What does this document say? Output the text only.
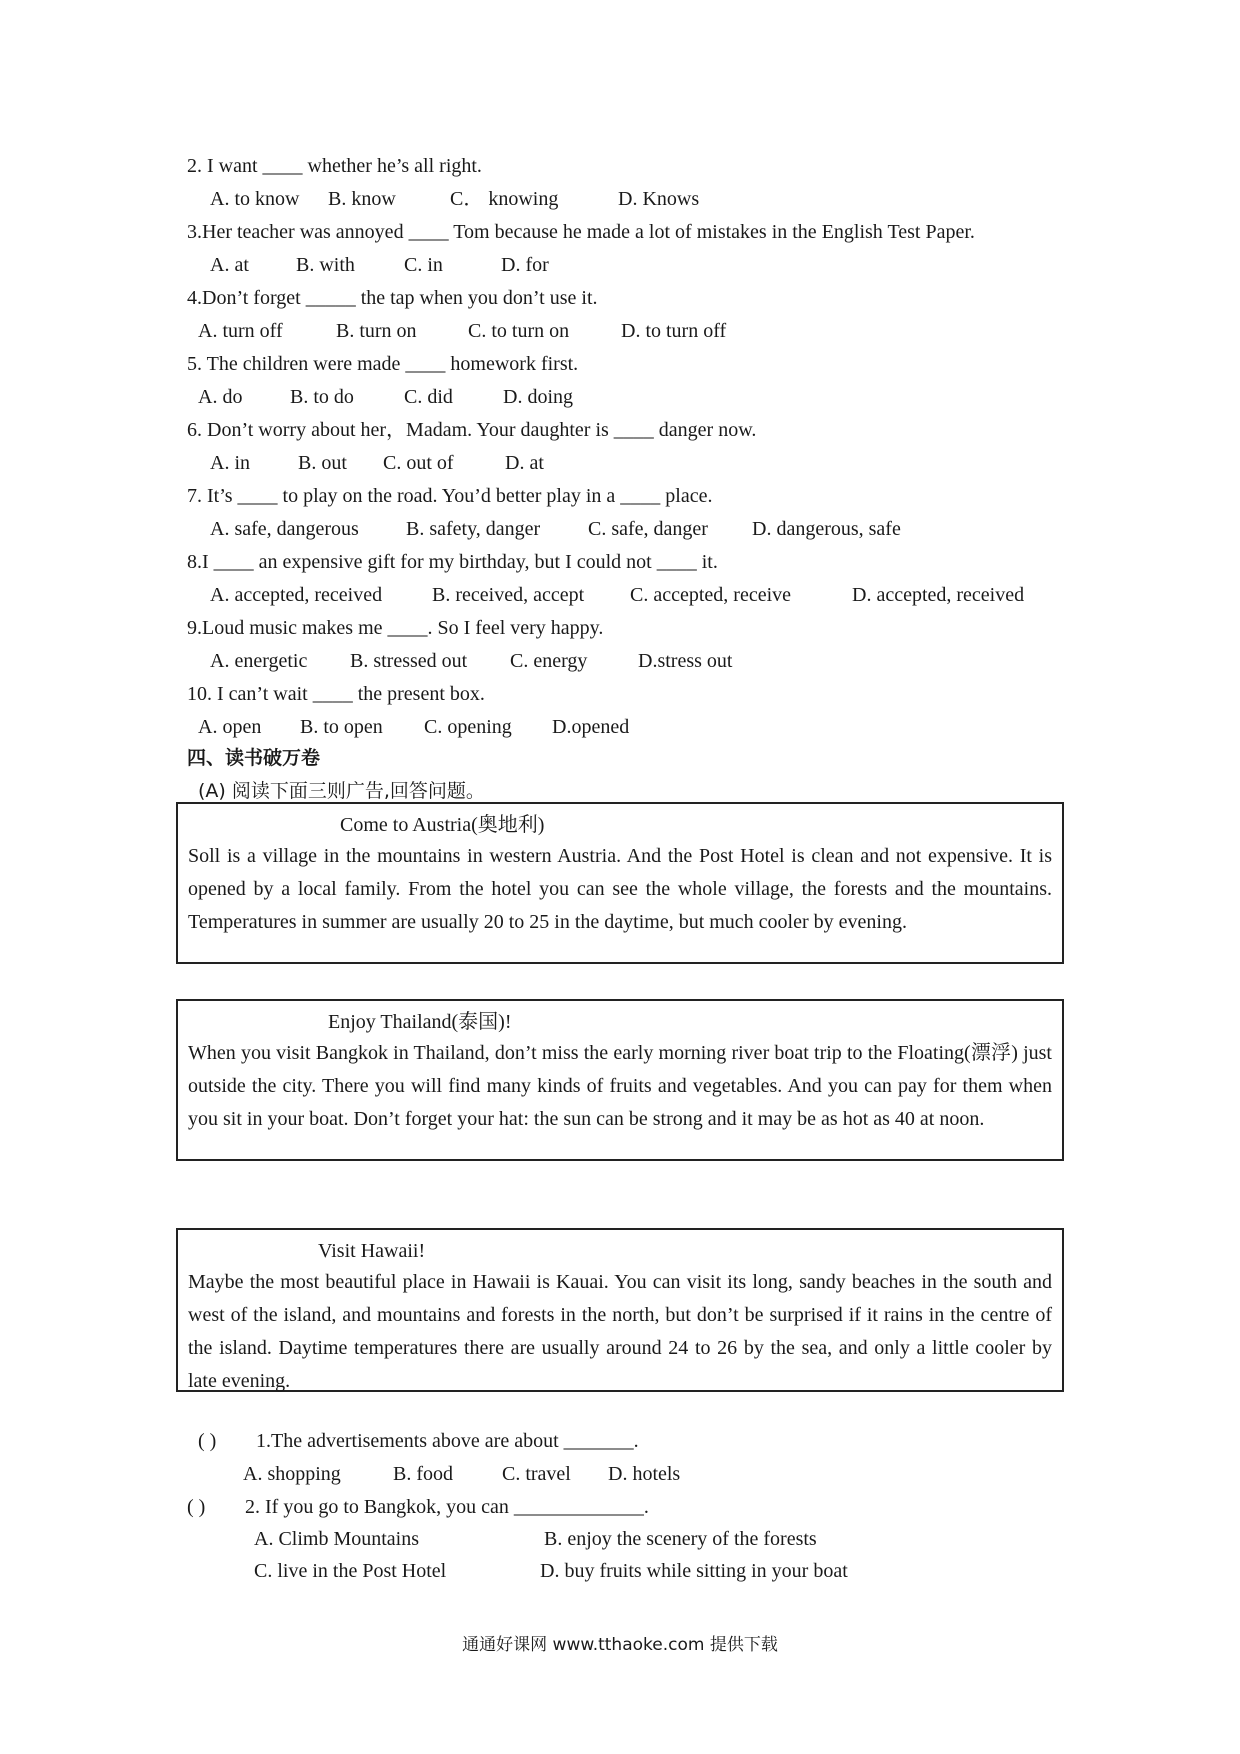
2. I want ____ whether he’s all right.
A. to know B. know	C． knowing	D. Knows
3.Her teacher was annoyed ____ Tom because he made a lot of mistakes in the English Test Paper.
A. at B. with C. in	D. for
4.Don’t forget _____ the tap when you don’t use it.
A. turn off	B. turn on	C. to turn on	D. to turn off
5. The children were made ____ homework first.
A. do B. to do	C. did	D. doing
6. Don’t worry about her，Madam. Your daughter is ____ danger now.
A. in B. out C. out of	D. at
7. It’s ____ to play on the road. You’d better play in a ____ place.
A. safe, dangerous B. safety, danger C. safe, danger D. dangerous, safe
8.I ____ an expensive gift for my birthday, but I could not ____ it.
A. accepted, received B. received, accept C. accepted, receive	D. accepted, received
9.Loud music makes me ____. So I feel very happy.
A. energetic B. stressed out C. energy	D.stress out
10. I can’t wait ____ the present box.
A. open B. to open C. opening D.opened
四、读书破万卷
(A) 阅读下面三则广告,回答问题。
Come to Austria(奥地利)
Soll is a village in the mountains in western Austria. And the Post Hotel is clean and not expensive. It is opened by a local family. From the hotel you can see the whole village, the forests and the mountains. Temperatures in summer are usually 20 to 25 in the daytime, but much cooler by evening.
Enjoy Thailand(泰国)!
When you visit Bangkok in Thailand, don’t miss the early morning river boat trip to the Floating(漂浮) just outside the city. There you will find many kinds of fruits and vegetables. And you can pay for them when you sit in your boat. Don’t forget your hat: the sun can be strong and it may be as hot as 40 at noon.
Visit Hawaii!
Maybe the most beautiful place in Hawaii is Kauai. You can visit its long, sandy beaches in the south and west of the island, and mountains and forests in the north, but don’t be surprised if it rains in the centre of the island. Daytime temperatures there are usually around 24 to 26 by the sea, and only a little cooler by late evening.
( ) 1.The advertisements above are about _______.
A. shopping	B. food C. travel D. hotels
( ) 2. If you go to Bangkok, you can _____________.
A. Climb Mountains	B. enjoy the scenery of the forests
C. live in the Post Hotel	D. buy fruits while sitting in your boat
通通好课网 www.tthaoke.com 提供下载
